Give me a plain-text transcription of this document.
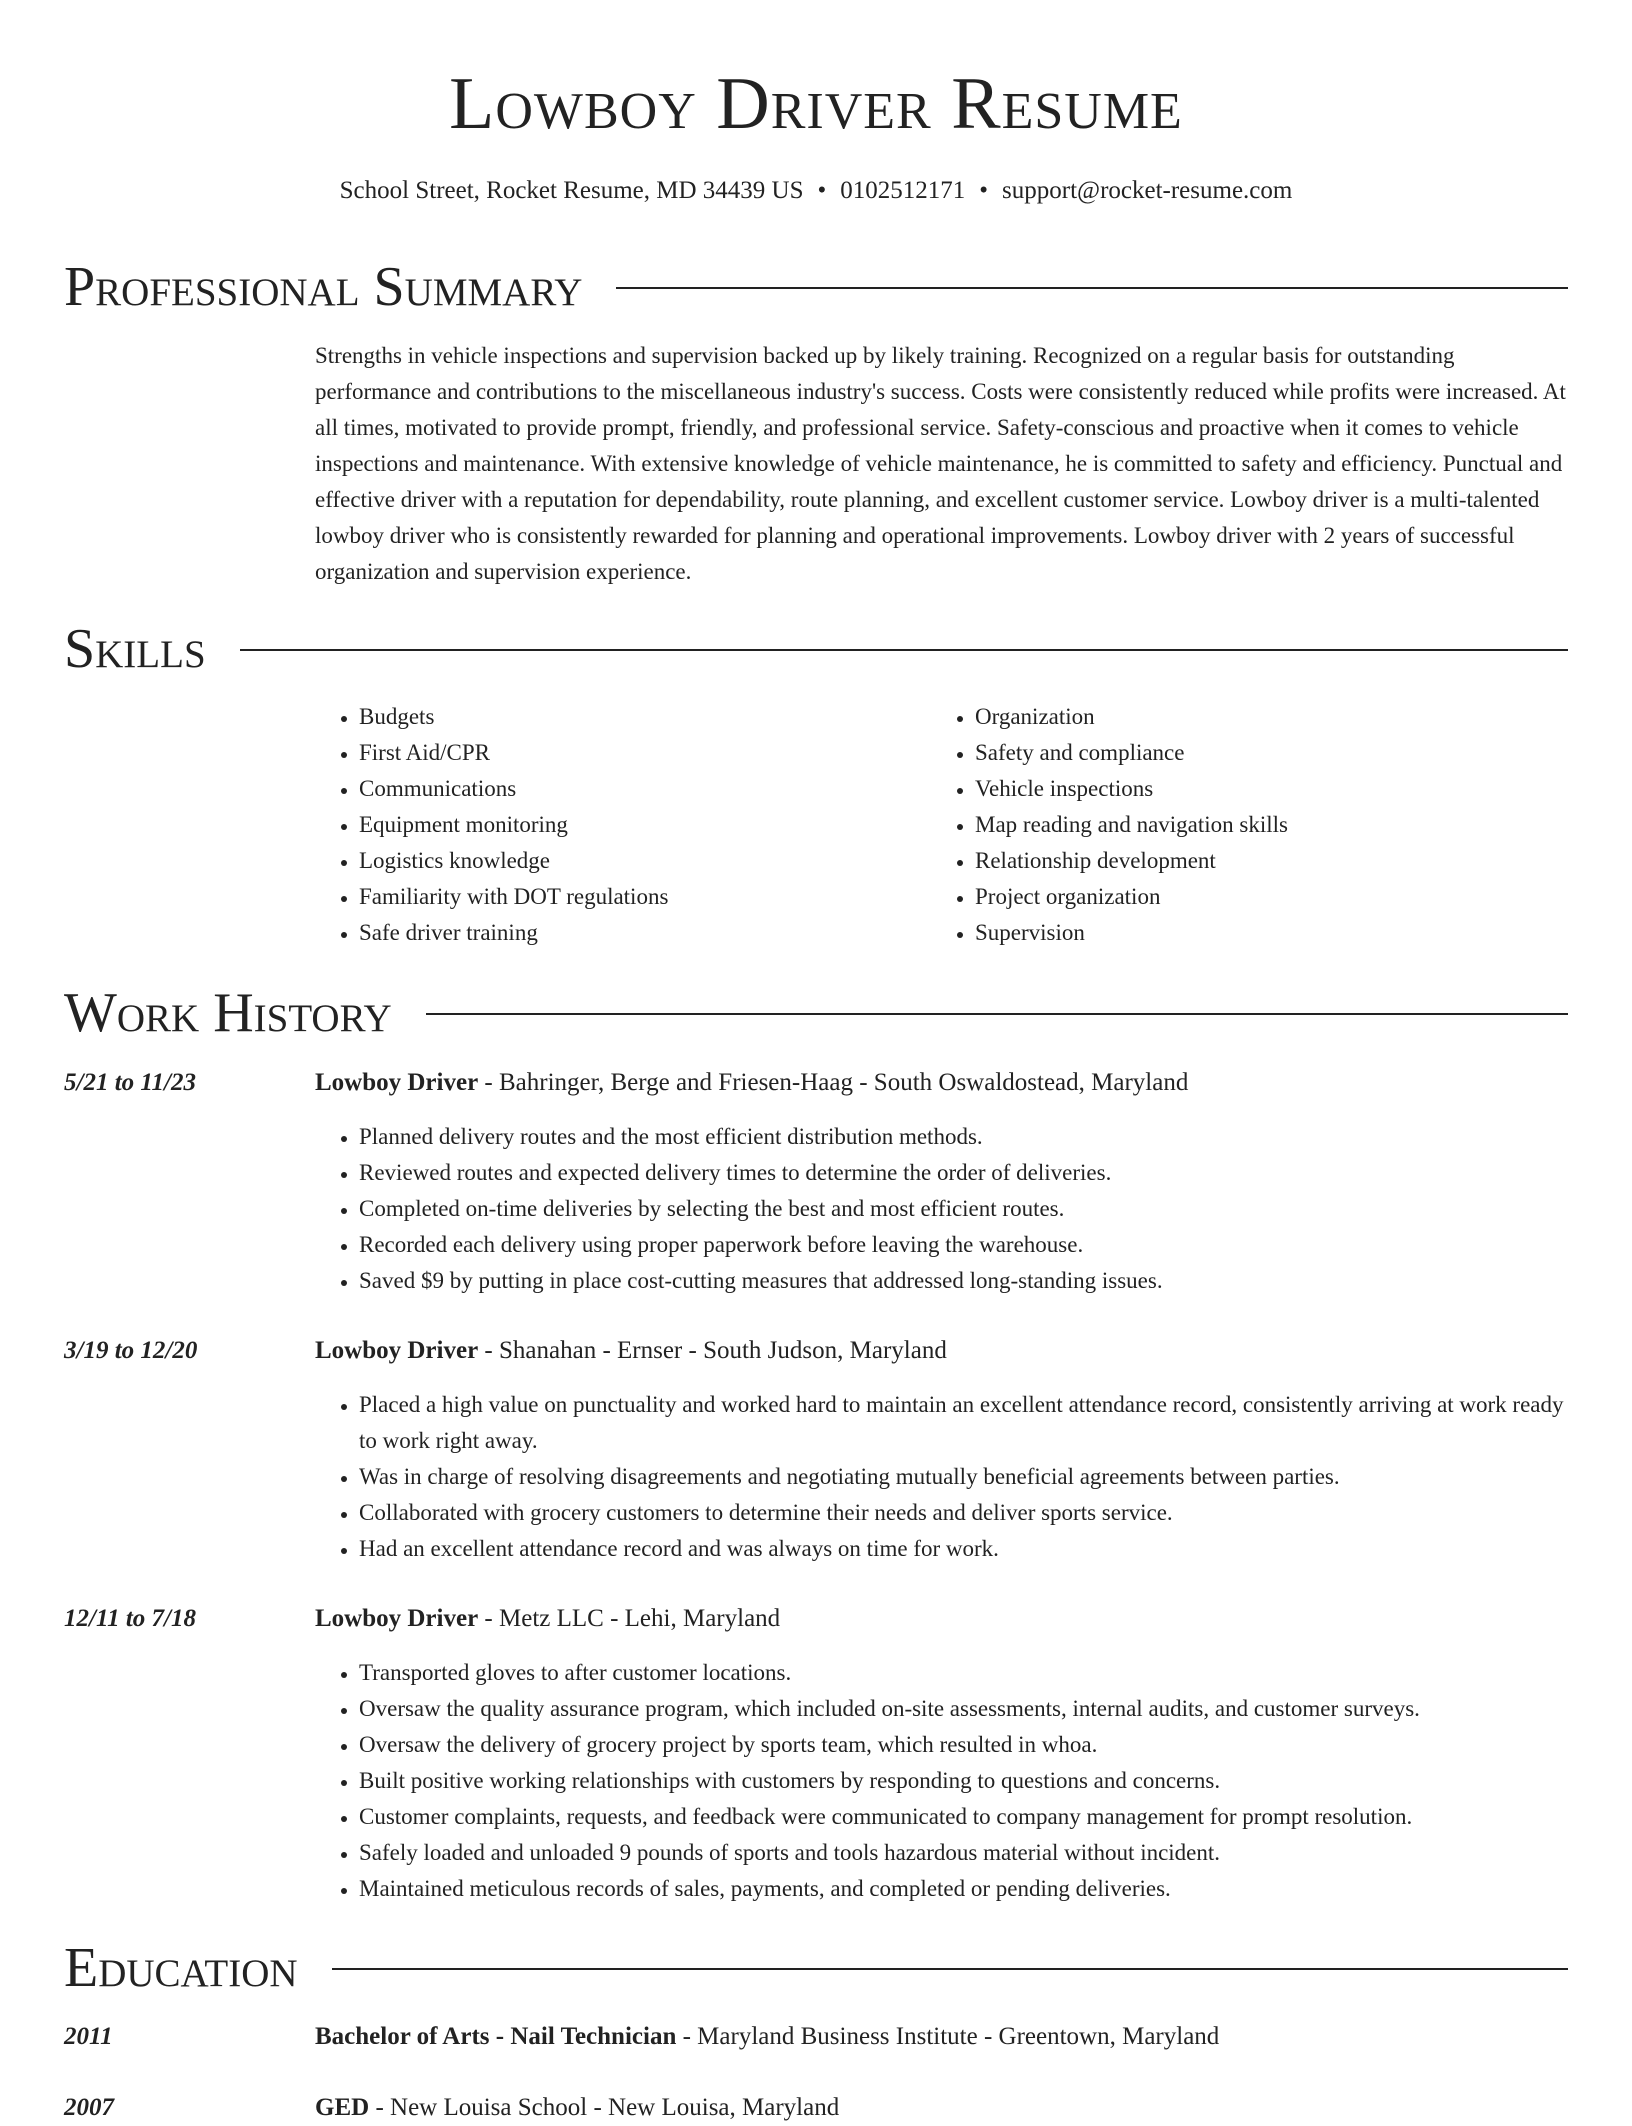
Lowboy Driver Resume
School Street, Rocket Resume, MD 34439 US • 0102512171 • support@rocket-resume.com
Professional Summary
Strengths in vehicle inspections and supervision backed up by likely training. Recognized on a regular basis for outstanding performance and contributions to the miscellaneous industry's success. Costs were consistently reduced while profits were increased. At all times, motivated to provide prompt, friendly, and professional service. Safety-conscious and proactive when it comes to vehicle inspections and maintenance. With extensive knowledge of vehicle maintenance, he is committed to safety and efficiency. Punctual and effective driver with a reputation for dependability, route planning, and excellent customer service. Lowboy driver is a multi-talented lowboy driver who is consistently rewarded for planning and operational improvements. Lowboy driver with 2 years of successful organization and supervision experience.
Skills
• Budgets
• First Aid/CPR
• Communications
• Equipment monitoring
• Logistics knowledge
• Familiarity with DOT regulations
• Safe driver training
• Organization
• Safety and compliance
• Vehicle inspections
• Map reading and navigation skills
• Relationship development
• Project organization
• Supervision
Work History
5/21 to 11/23	Lowboy Driver - Bahringer, Berge and Friesen-Haag - South Oswaldostead, Maryland
• Planned delivery routes and the most efficient distribution methods.
• Reviewed routes and expected delivery times to determine the order of deliveries.
• Completed on-time deliveries by selecting the best and most efficient routes.
• Recorded each delivery using proper paperwork before leaving the warehouse.
• Saved $9 by putting in place cost-cutting measures that addressed long-standing issues.
3/19 to 12/20	Lowboy Driver - Shanahan - Ernser - South Judson, Maryland
• Placed a high value on punctuality and worked hard to maintain an excellent attendance record, consistently arriving at work ready to work right away.
• Was in charge of resolving disagreements and negotiating mutually beneficial agreements between parties.
• Collaborated with grocery customers to determine their needs and deliver sports service.
• Had an excellent attendance record and was always on time for work.
12/11 to 7/18	Lowboy Driver - Metz LLC - Lehi, Maryland
• Transported gloves to after customer locations.
• Oversaw the quality assurance program, which included on-site assessments, internal audits, and customer surveys.
• Oversaw the delivery of grocery project by sports team, which resulted in whoa.
• Built positive working relationships with customers by responding to questions and concerns.
• Customer complaints, requests, and feedback were communicated to company management for prompt resolution.
• Safely loaded and unloaded 9 pounds of sports and tools hazardous material without incident.
• Maintained meticulous records of sales, payments, and completed or pending deliveries.
Education
2011	Bachelor of Arts - Nail Technician - Maryland Business Institute - Greentown, Maryland
2007	GED - New Louisa School - New Louisa, Maryland
